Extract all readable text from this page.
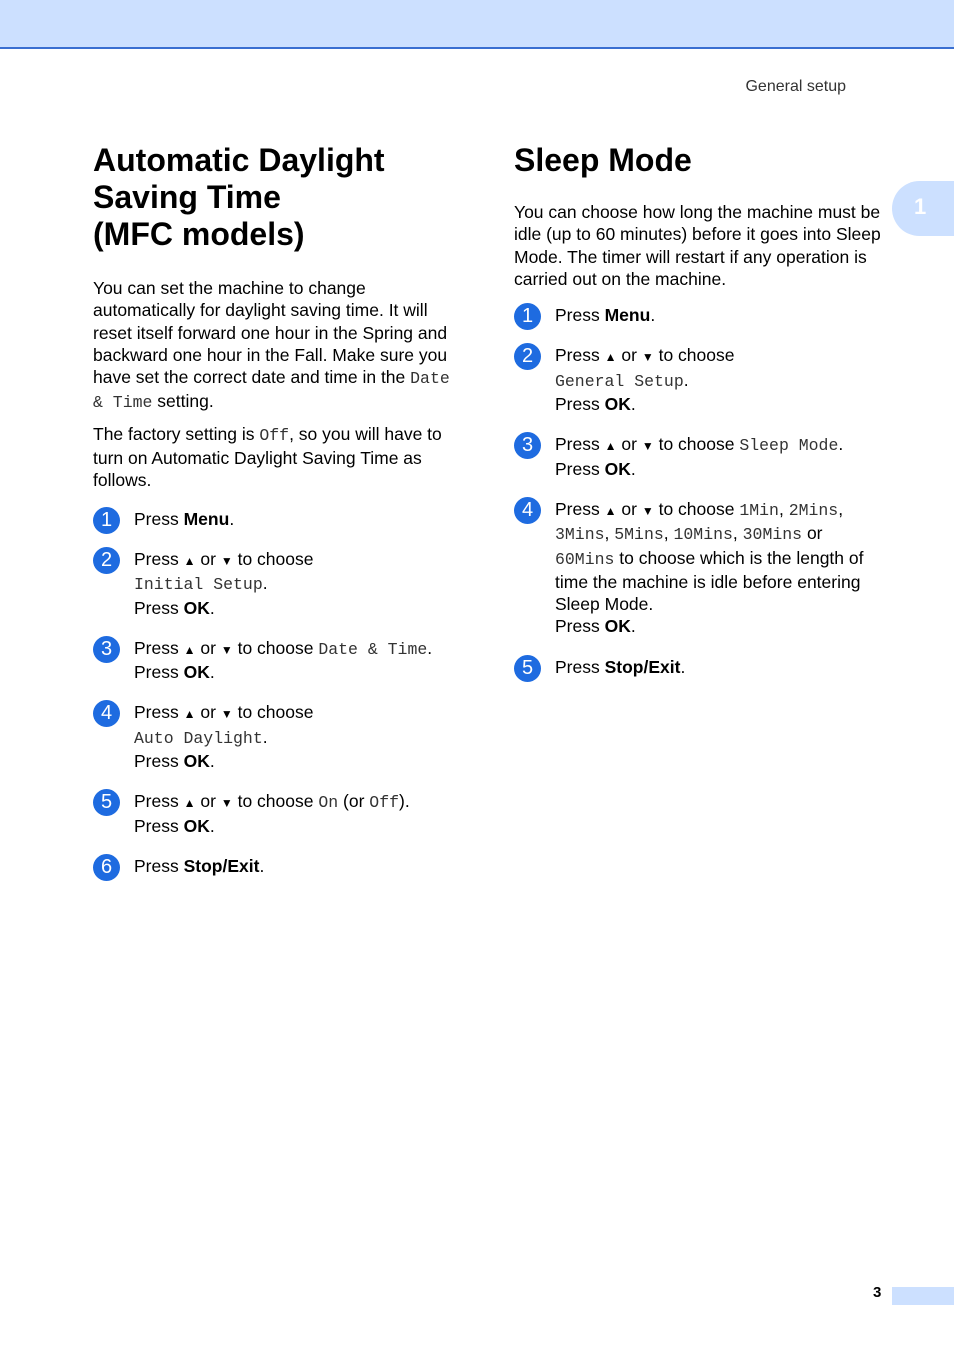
General setup
1
Automatic Daylight
Saving Time
(MFC models)

You can set the machine to change automatically for daylight saving time. It will reset itself forward one hour in the Spring and backward one hour in the Fall. Make sure you have set the correct date and time in the Date & Time setting.

The factory setting is Off, so you will have to turn on Automatic Daylight Saving Time as follows.

1	Press Menu.
2	Press ▲ or ▼ to choose
Initial Setup.
Press OK.
3	Press ▲ or ▼ to choose Date & Time.
Press OK.
4	Press ▲ or ▼ to choose
Auto Daylight.
Press OK.
5	Press ▲ or ▼ to choose On (or Off).
Press OK.
6	Press Stop/Exit.
Sleep Mode

You can choose how long the machine must be idle (up to 60 minutes) before it goes into Sleep Mode. The timer will restart if any operation is carried out on the machine.

1	Press Menu.
2	Press ▲ or ▼ to choose
General Setup.
Press OK.
3	Press ▲ or ▼ to choose Sleep Mode.
Press OK.
4	Press ▲ or ▼ to choose 1Min, 2Mins,
3Mins, 5Mins, 10Mins, 30Mins or
60Mins to choose which is the length of time the machine is idle before entering Sleep Mode.
Press OK.
5	Press Stop/Exit.
3
